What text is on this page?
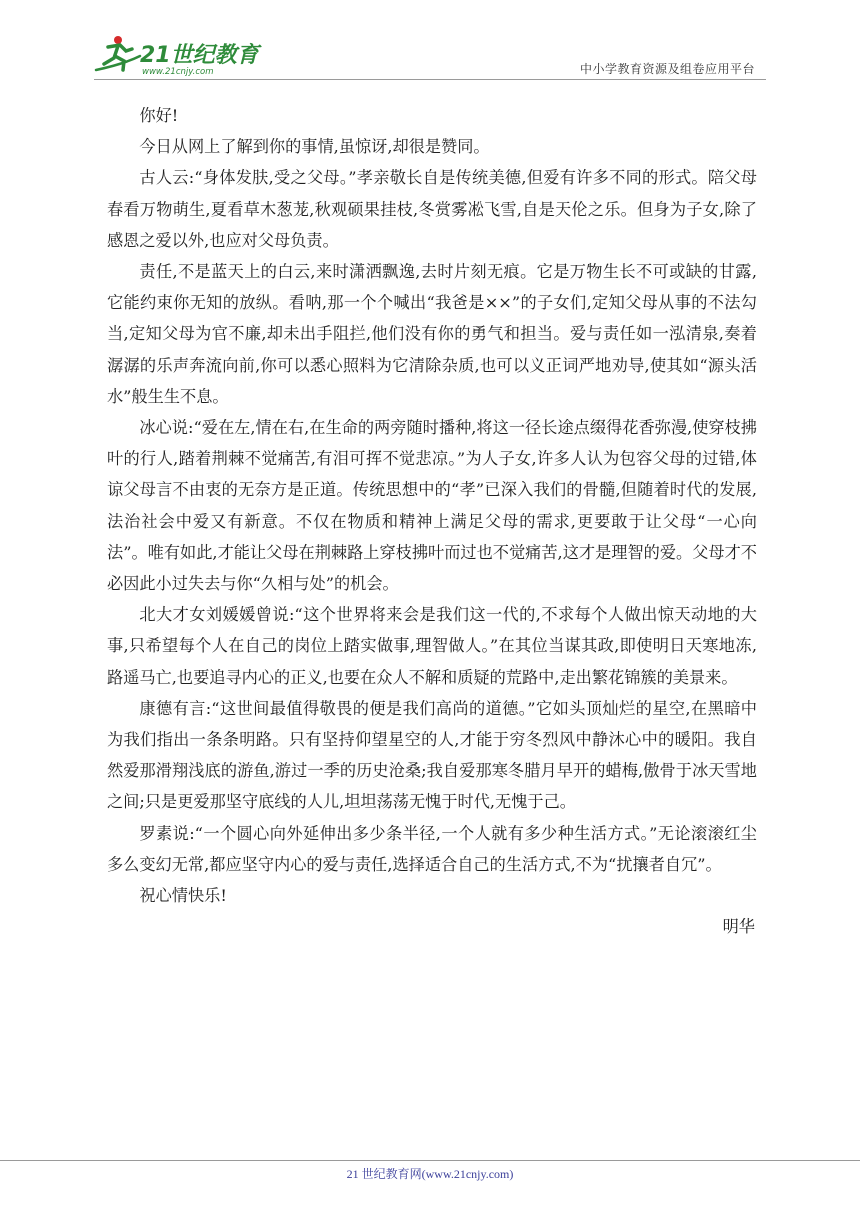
21世纪教育
www.21cnjy.com	中小学教育资源及组卷应用平台

你好!

今日从网上了解到你的事情,虽惊讶,却很是赞同。

古人云:“身体发肤,受之父母。”孝亲敬长自是传统美德,但爱有许多不同的形式。陪父母春看万物萌生,夏看草木葱茏,秋观硕果挂枝,冬赏雾凇飞雪,自是天伦之乐。但身为子女,除了感恩之爱以外,也应对父母负责。

责任,不是蓝天上的白云,来时潇洒飘逸,去时片刻无痕。它是万物生长不可或缺的甘露,它能约束你无知的放纵。看呐,那一个个喊出“我爸是××”的子女们,定知父母从事的不法勾当,定知父母为官不廉,却未出手阻拦,他们没有你的勇气和担当。爱与责任如一泓清泉,奏着潺潺的乐声奔流向前,你可以悉心照料为它清除杂质,也可以义正词严地劝导,使其如“源头活水”般生生不息。

冰心说:“爱在左,情在右,在生命的两旁随时播种,将这一径长途点缀得花香弥漫,使穿枝拂叶的行人,踏着荆棘不觉痛苦,有泪可挥不觉悲凉。”为人子女,许多人认为包容父母的过错,体谅父母言不由衷的无奈方是正道。传统思想中的“孝”已深入我们的骨髓,但随着时代的发展,法治社会中爱又有新意。不仅在物质和精神上满足父母的需求,更要敢于让父母“一心向法”。唯有如此,才能让父母在荆棘路上穿枝拂叶而过也不觉痛苦,这才是理智的爱。父母才不必因此小过失去与你“久相与处”的机会。

北大才女刘媛媛曾说:“这个世界将来会是我们这一代的,不求每个人做出惊天动地的大事,只希望每个人在自己的岗位上踏实做事,理智做人。”在其位当谋其政,即使明日天寒地冻,路遥马亡,也要追寻内心的正义,也要在众人不解和质疑的荒路中,走出繁花锦簇的美景来。

康德有言:“这世间最值得敬畏的便是我们高尚的道德。”它如头顶灿烂的星空,在黑暗中为我们指出一条条明路。只有坚持仰望星空的人,才能于穷冬烈风中静沐心中的暖阳。我自然爱那滑翔浅底的游鱼,游过一季的历史沧桑;我自爱那寒冬腊月早开的蜡梅,傲骨于冰天雪地之间;只是更爱那坚守底线的人儿,坦坦荡荡无愧于时代,无愧于己。

罗素说:“一个圆心向外延伸出多少条半径,一个人就有多少种生活方式。”无论滚滚红尘多么变幻无常,都应坚守内心的爱与责任,选择适合自己的生活方式,不为“扰攘者自冗”。

祝心情快乐!

明华

21 世纪教育网(www.21cnjy.com)
